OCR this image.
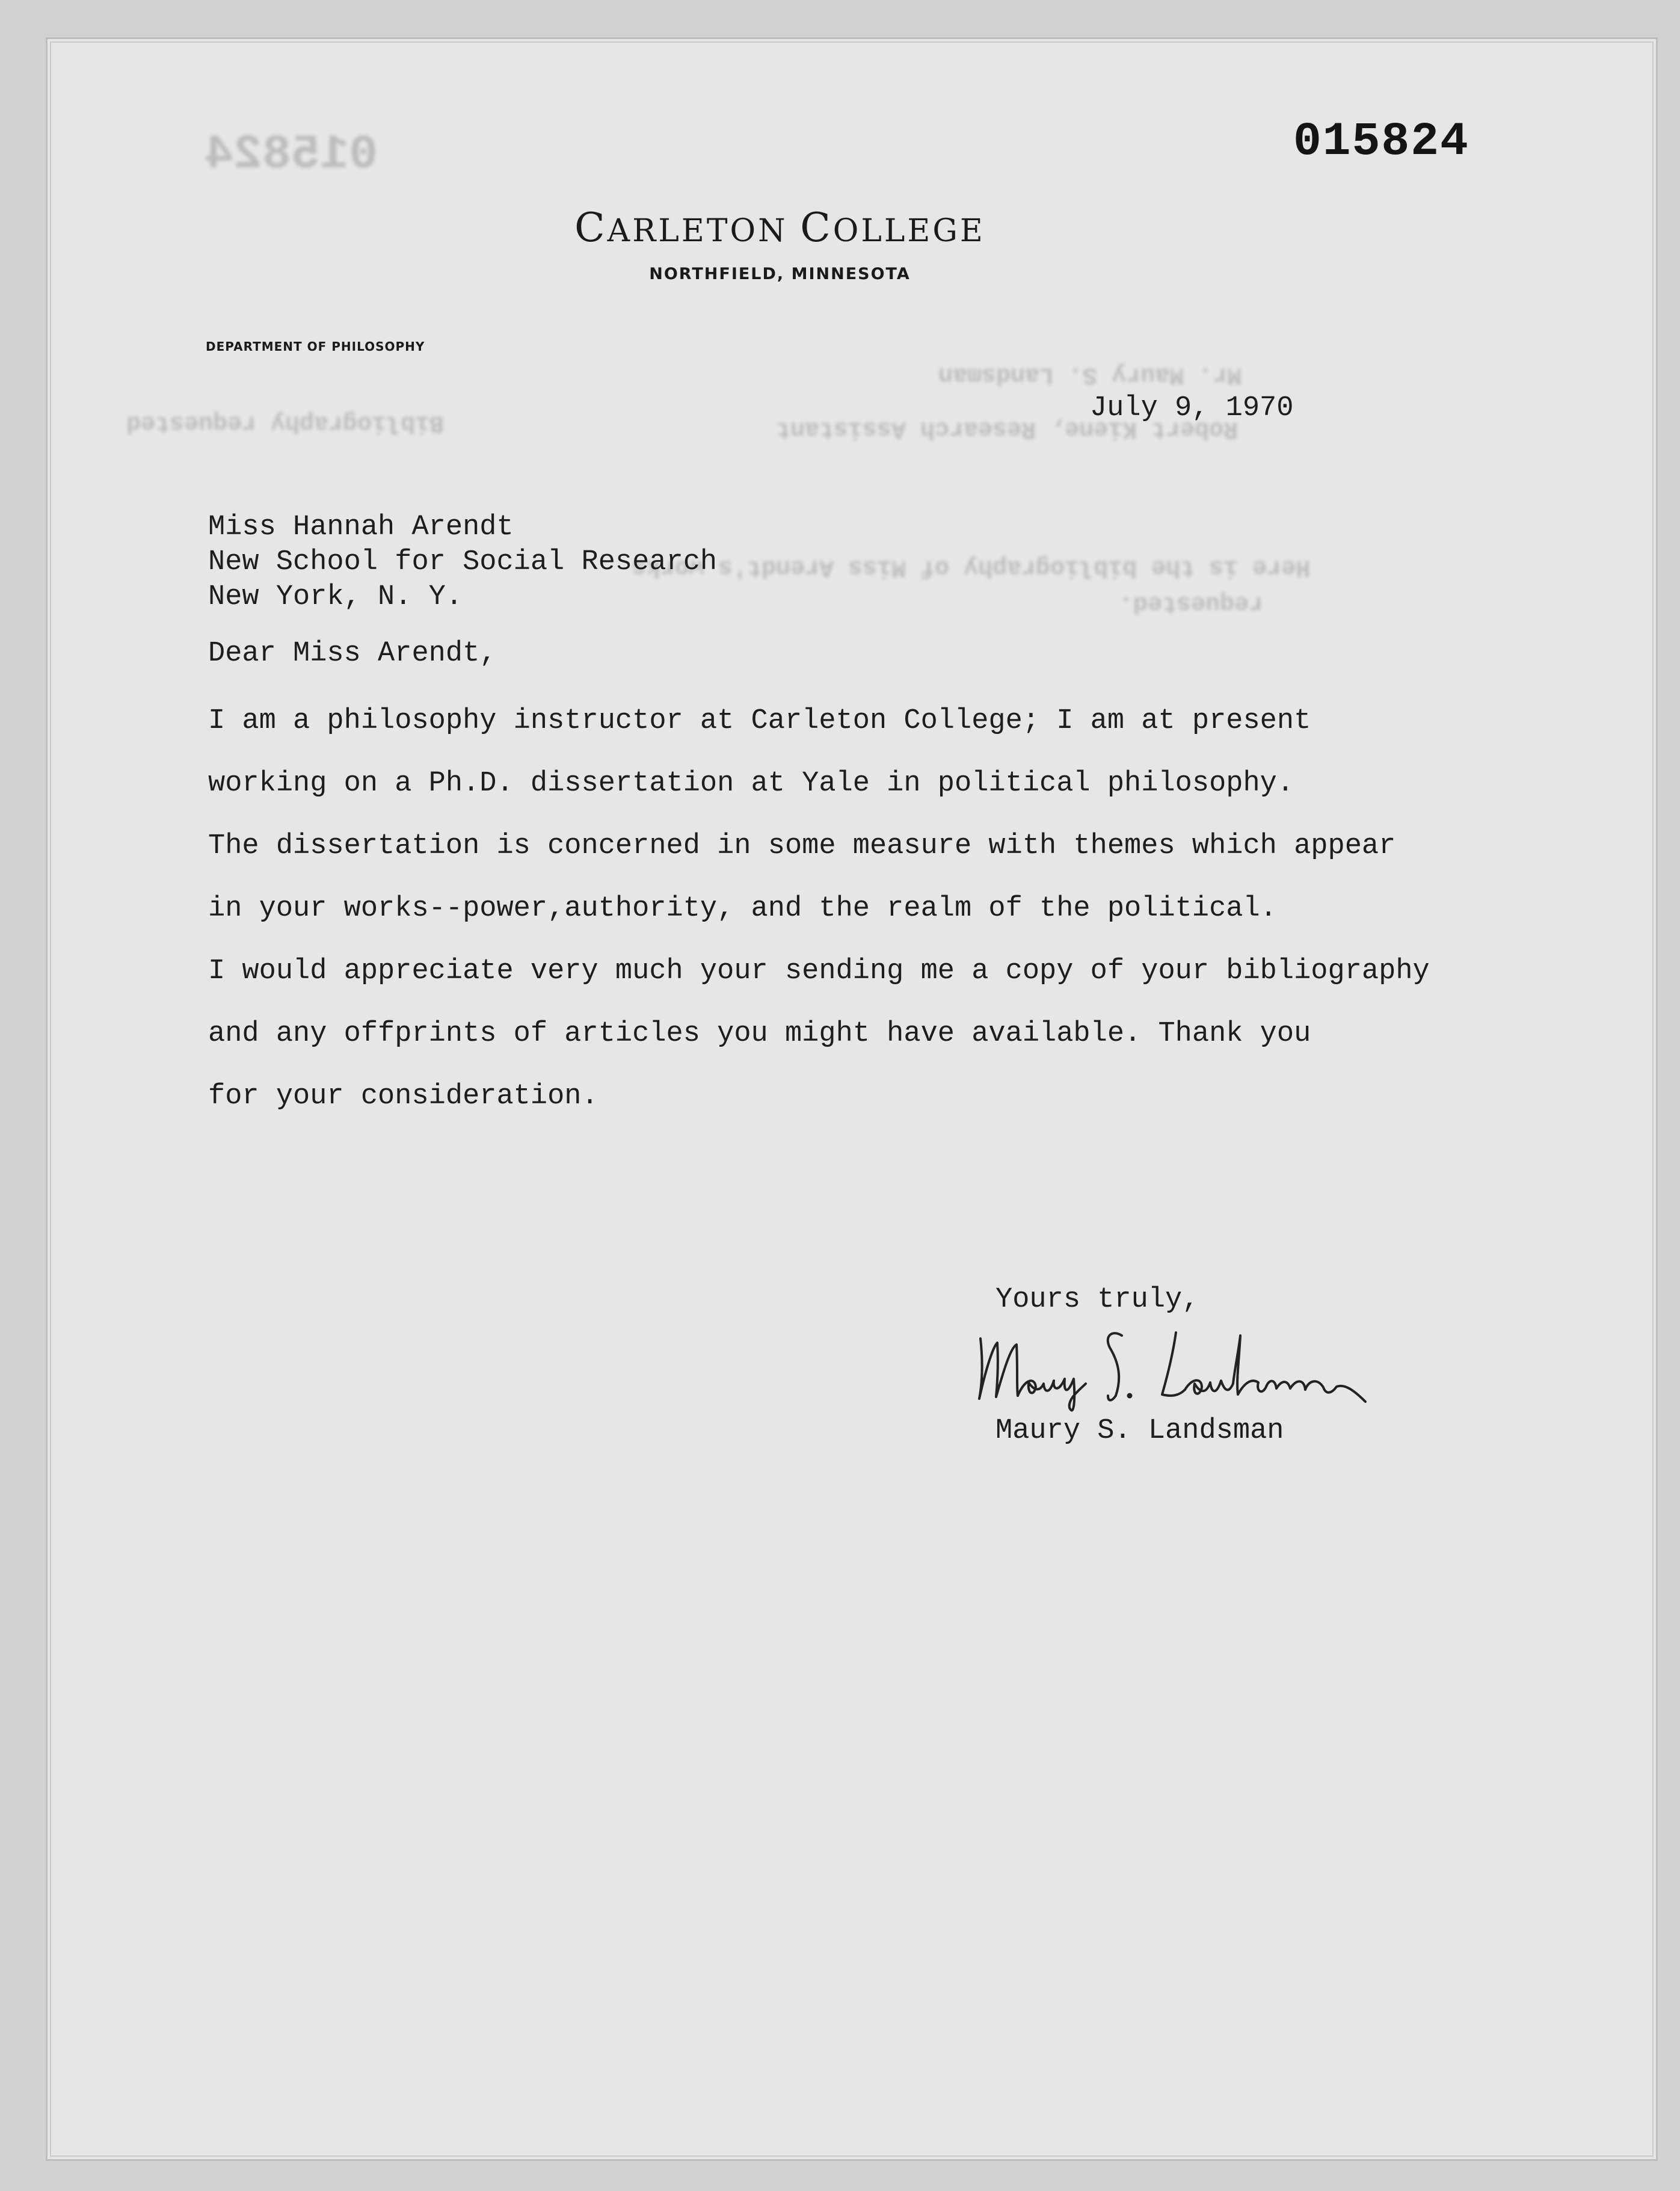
015824

Mr. Maury S. Landsman

Robert Kiene, Research Assistant

Bibliography requested

Here is the bibliography of Miss Arendt's works

requested.

015824

CARLETON COLLEGE

NORTHFIELD, MINNESOTA

DEPARTMENT OF PHILOSOPHY

July 9, 1970

Miss Hannah Arendt
New School for Social Research
New York, N. Y.

Dear Miss Arendt,

I am a philosophy instructor at Carleton College; I am at present
working on a Ph.D. dissertation at Yale in political philosophy.
The dissertation is concerned in some measure with themes which appear
in your works--power,authority, and the realm of the political.
I would appreciate very much your sending me a copy of your bibliography
and any offprints of articles you might have available. Thank you
for your consideration.

Yours truly,

Maury S. Landsman
